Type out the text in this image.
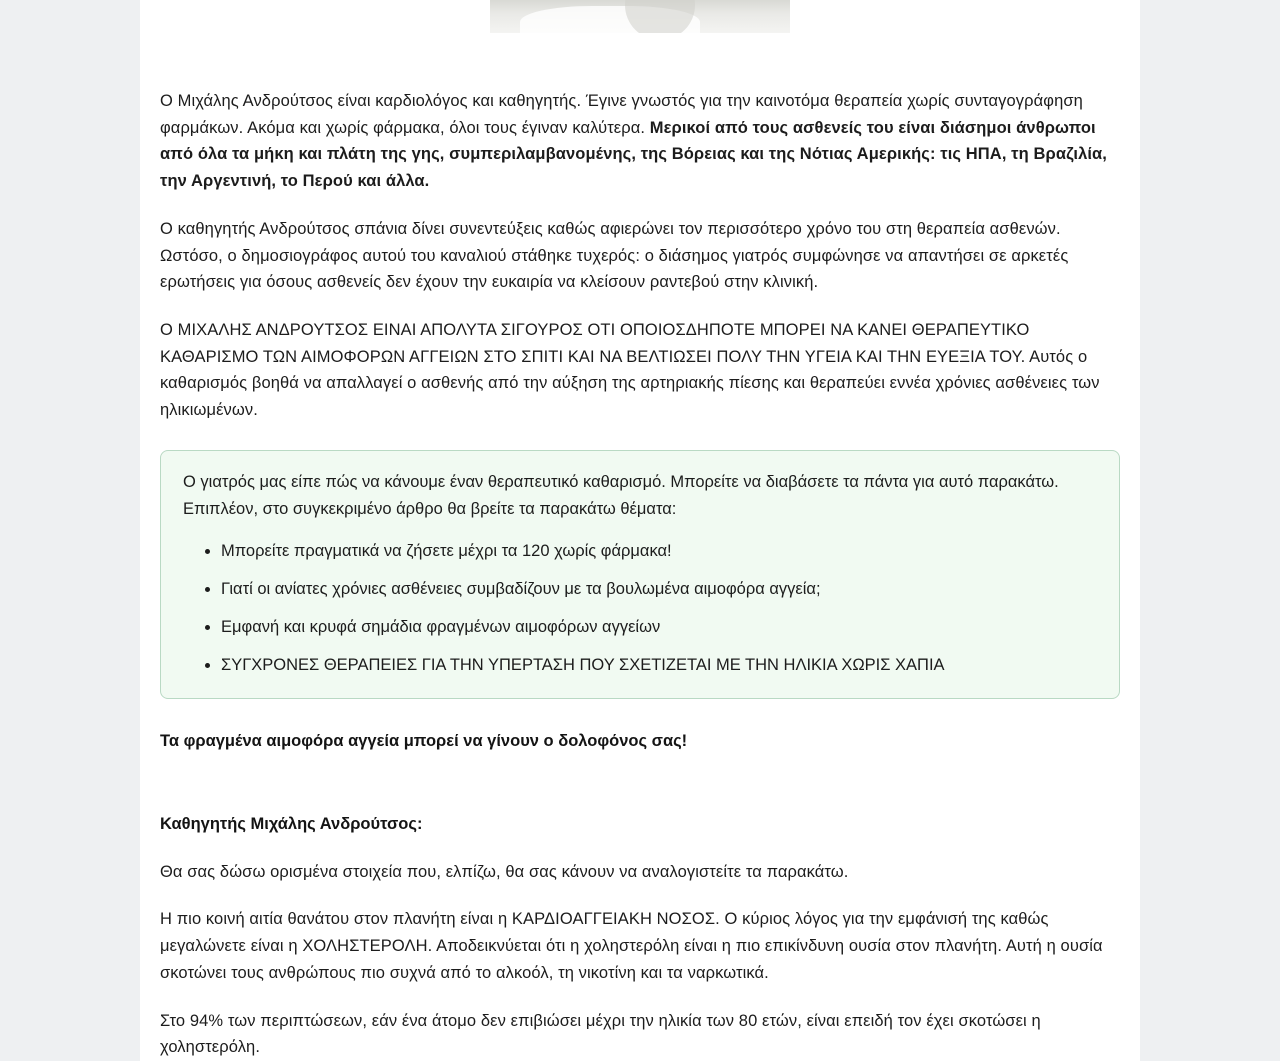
Ο Μιχάλης Ανδρούτσος είναι καρδιολόγος και καθηγητής. Έγινε γνωστός για την καινοτόμα θεραπεία χωρίς συνταγογράφηση φαρμάκων. Ακόμα και χωρίς φάρμακα, όλοι τους έγιναν καλύτερα. Μερικοί από τους ασθενείς του είναι διάσημοι άνθρωποι από όλα τα μήκη και πλάτη της γης, συμπεριλαμβανομένης, της Βόρειας και της Νότιας Αμερικής: τις ΗΠΑ, τη Βραζιλία, την Αργεντινή, το Περού και άλλα.

Ο καθηγητής Ανδρούτσος σπάνια δίνει συνεντεύξεις καθώς αφιερώνει τον περισσότερο χρόνο του στη θεραπεία ασθενών. Ωστόσο, ο δημοσιογράφος αυτού του καναλιού στάθηκε τυχερός: ο διάσημος γιατρός συμφώνησε να απαντήσει σε αρκετές ερωτήσεις για όσους ασθενείς δεν έχουν την ευκαιρία να κλείσουν ραντεβού στην κλινική.

Ο ΜΙΧΑΛΗΣ ΑΝΔΡΟΥΤΣΟΣ ΕΙΝΑΙ ΑΠΟΛΥΤΑ ΣΙΓΟΥΡΟΣ ΟΤΙ ΟΠΟΙΟΣΔΗΠΟΤΕ ΜΠΟΡΕΙ ΝΑ ΚΑΝΕΙ ΘΕΡΑΠΕΥΤΙΚΟ ΚΑΘΑΡΙΣΜΟ ΤΩΝ ΑΙΜΟΦΟΡΩΝ ΑΓΓΕΙΩΝ ΣΤΟ ΣΠΙΤΙ ΚΑΙ ΝΑ ΒΕΛΤΙΩΣΕΙ ΠΟΛΥ ΤΗΝ ΥΓΕΙΑ ΚΑΙ ΤΗΝ ΕΥΕΞΙΑ ΤΟΥ. Αυτός ο καθαρισμός βοηθά να απαλλαγεί ο ασθενής από την αύξηση της αρτηριακής πίεσης και θεραπεύει εννέα χρόνιες ασθένειες των ηλικιωμένων.

Ο γιατρός μας είπε πώς να κάνουμε έναν θεραπευτικό καθαρισμό. Μπορείτε να διαβάσετε τα πάντα για αυτό παρακάτω. Επιπλέον, στο συγκεκριμένο άρθρο θα βρείτε τα παρακάτω θέματα:

• Μπορείτε πραγματικά να ζήσετε μέχρι τα 120 χωρίς φάρμακα!
• Γιατί οι ανίατες χρόνιες ασθένειες συμβαδίζουν με τα βουλωμένα αιμοφόρα αγγεία;
• Εμφανή και κρυφά σημάδια φραγμένων αιμοφόρων αγγείων
• ΣΥΓΧΡΟΝΕΣ ΘΕΡΑΠΕΙΕΣ ΓΙΑ ΤΗΝ ΥΠΕΡΤΑΣΗ ΠΟΥ ΣΧΕΤΙΖΕΤΑΙ ΜΕ ΤΗΝ ΗΛΙΚΙΑ ΧΩΡΙΣ ΧΑΠΙΑ
Τα φραγμένα αιμοφόρα αγγεία μπορεί να γίνουν ο δολοφόνος σας!
Καθηγητής Μιχάλης Ανδρούτσος:

Θα σας δώσω ορισμένα στοιχεία που, ελπίζω, θα σας κάνουν να αναλογιστείτε τα παρακάτω.

Η πιο κοινή αιτία θανάτου στον πλανήτη είναι η ΚΑΡΔΙΟΑΓΓΕΙΑΚΗ ΝΟΣΟΣ. Ο κύριος λόγος για την εμφάνισή της καθώς μεγαλώνετε είναι η ΧΟΛΗΣΤΕΡΟΛΗ. Αποδεικνύεται ότι η χοληστερόλη είναι η πιο επικίνδυνη ουσία στον πλανήτη. Αυτή η ουσία σκοτώνει τους ανθρώπους πιο συχνά από το αλκοόλ, τη νικοτίνη και τα ναρκωτικά.

Στο 94% των περιπτώσεων, εάν ένα άτομο δεν επιβιώσει μέχρι την ηλικία των 80 ετών, είναι επειδή τον έχει σκοτώσει η χοληστερόλη.
